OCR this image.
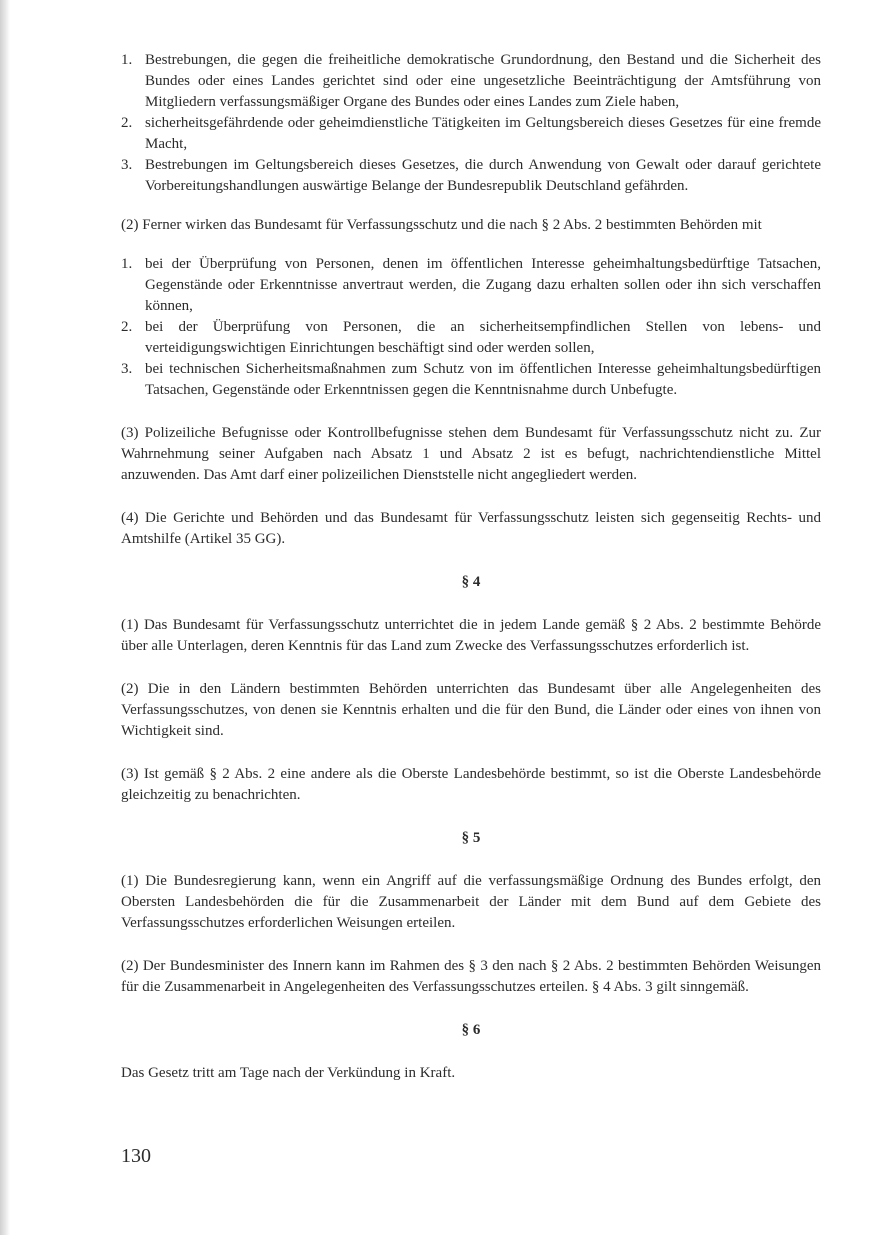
1. Bestrebungen, die gegen die freiheitliche demokratische Grundordnung, den Bestand und die Sicherheit des Bundes oder eines Landes gerichtet sind oder eine ungesetzliche Beeinträchtigung der Amtsführung von Mitgliedern verfassungsmäßiger Organe des Bundes oder eines Landes zum Ziele haben,
2. sicherheitsgefährdende oder geheimdienstliche Tätigkeiten im Geltungsbereich dieses Gesetzes für eine fremde Macht,
3. Bestrebungen im Geltungsbereich dieses Gesetzes, die durch Anwendung von Gewalt oder darauf gerichtete Vorbereitungshandlungen auswärtige Belange der Bundesrepublik Deutschland gefährden.

(2) Ferner wirken das Bundesamt für Verfassungsschutz und die nach § 2 Abs. 2 bestimmten Behörden mit

1. bei der Überprüfung von Personen, denen im öffentlichen Interesse geheimhaltungsbedürftige Tatsachen, Gegenstände oder Erkenntnisse anvertraut werden, die Zugang dazu erhalten sollen oder ihn sich verschaffen können,
2. bei der Überprüfung von Personen, die an sicherheitsempfindlichen Stellen von lebens- und verteidigungswichtigen Einrichtungen beschäftigt sind oder werden sollen,
3. bei technischen Sicherheitsmaßnahmen zum Schutz von im öffentlichen Interesse geheimhaltungsbedürftigen Tatsachen, Gegenstände oder Erkenntnissen gegen die Kenntnisnahme durch Unbefugte.

(3) Polizeiliche Befugnisse oder Kontrollbefugnisse stehen dem Bundesamt für Verfassungsschutz nicht zu. Zur Wahrnehmung seiner Aufgaben nach Absatz 1 und Absatz 2 ist es befugt, nachrichtendienstliche Mittel anzuwenden. Das Amt darf einer polizeilichen Dienststelle nicht angegliedert werden.

(4) Die Gerichte und Behörden und das Bundesamt für Verfassungsschutz leisten sich gegenseitig Rechts- und Amtshilfe (Artikel 35 GG).

§ 4

(1) Das Bundesamt für Verfassungsschutz unterrichtet die in jedem Lande gemäß § 2 Abs. 2 bestimmte Behörde über alle Unterlagen, deren Kenntnis für das Land zum Zwecke des Verfassungsschutzes erforderlich ist.

(2) Die in den Ländern bestimmten Behörden unterrichten das Bundesamt über alle Angelegenheiten des Verfassungsschutzes, von denen sie Kenntnis erhalten und die für den Bund, die Länder oder eines von ihnen von Wichtigkeit sind.

(3) Ist gemäß § 2 Abs. 2 eine andere als die Oberste Landesbehörde bestimmt, so ist die Oberste Landesbehörde gleichzeitig zu benachrichten.

§ 5

(1) Die Bundesregierung kann, wenn ein Angriff auf die verfassungsmäßige Ordnung des Bundes erfolgt, den Obersten Landesbehörden die für die Zusammenarbeit der Länder mit dem Bund auf dem Gebiete des Verfassungsschutzes erforderlichen Weisungen erteilen.

(2) Der Bundesminister des Innern kann im Rahmen des § 3 den nach § 2 Abs. 2 bestimmten Behörden Weisungen für die Zusammenarbeit in Angelegenheiten des Verfassungsschutzes erteilen. § 4 Abs. 3 gilt sinngemäß.

§ 6

Das Gesetz tritt am Tage nach der Verkündung in Kraft.

130
